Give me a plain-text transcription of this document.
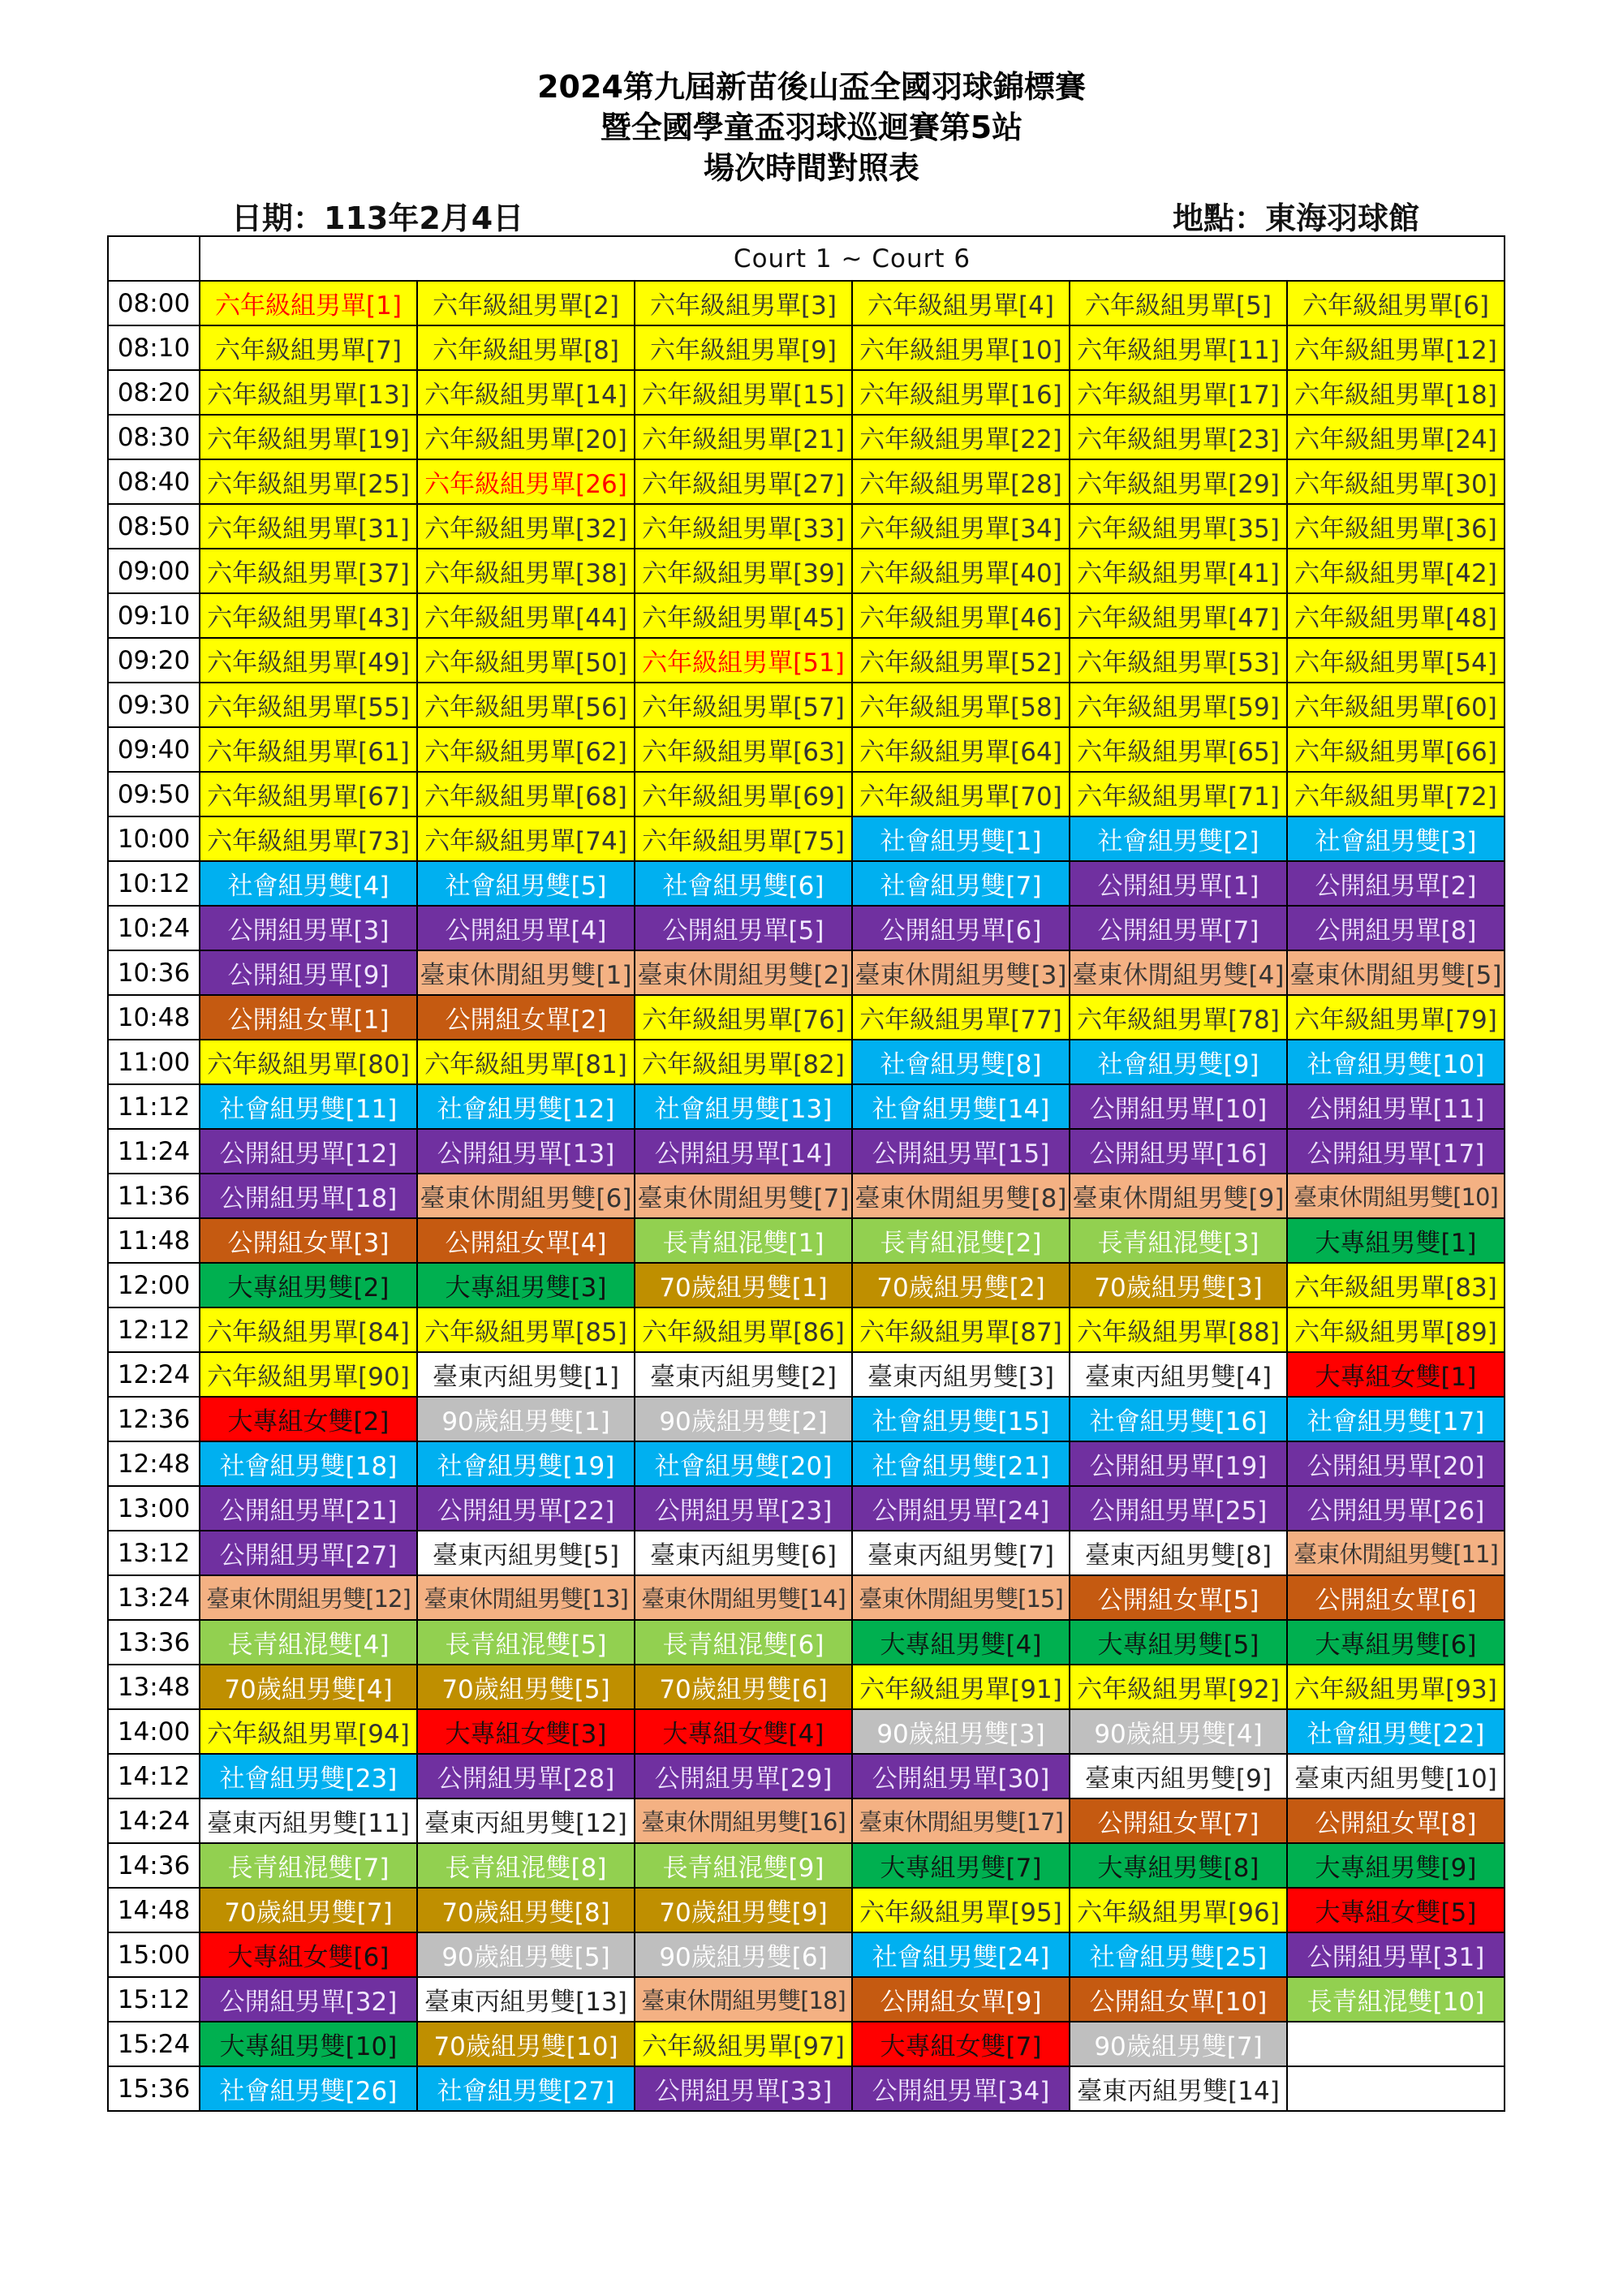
2024第九屆新苗後山盃全國羽球錦標賽
暨全國學童盃羽球巡迴賽第5站
場次時間對照表
日期：113年2月4日	地點：東海羽球館
	Court 1 ~ Court 6					
08:00	六年級組男單[1]	六年級組男單[2]	六年級組男單[3]	六年級組男單[4]	六年級組男單[5]	六年級組男單[6]
08:10	六年級組男單[7]	六年級組男單[8]	六年級組男單[9]	六年級組男單[10]	六年級組男單[11]	六年級組男單[12]
08:20	六年級組男單[13]	六年級組男單[14]	六年級組男單[15]	六年級組男單[16]	六年級組男單[17]	六年級組男單[18]
08:30	六年級組男單[19]	六年級組男單[20]	六年級組男單[21]	六年級組男單[22]	六年級組男單[23]	六年級組男單[24]
08:40	六年級組男單[25]	六年級組男單[26]	六年級組男單[27]	六年級組男單[28]	六年級組男單[29]	六年級組男單[30]
08:50	六年級組男單[31]	六年級組男單[32]	六年級組男單[33]	六年級組男單[34]	六年級組男單[35]	六年級組男單[36]
09:00	六年級組男單[37]	六年級組男單[38]	六年級組男單[39]	六年級組男單[40]	六年級組男單[41]	六年級組男單[42]
09:10	六年級組男單[43]	六年級組男單[44]	六年級組男單[45]	六年級組男單[46]	六年級組男單[47]	六年級組男單[48]
09:20	六年級組男單[49]	六年級組男單[50]	六年級組男單[51]	六年級組男單[52]	六年級組男單[53]	六年級組男單[54]
09:30	六年級組男單[55]	六年級組男單[56]	六年級組男單[57]	六年級組男單[58]	六年級組男單[59]	六年級組男單[60]
09:40	六年級組男單[61]	六年級組男單[62]	六年級組男單[63]	六年級組男單[64]	六年級組男單[65]	六年級組男單[66]
09:50	六年級組男單[67]	六年級組男單[68]	六年級組男單[69]	六年級組男單[70]	六年級組男單[71]	六年級組男單[72]
10:00	六年級組男單[73]	六年級組男單[74]	六年級組男單[75]	社會組男雙[1]	社會組男雙[2]	社會組男雙[3]
10:12	社會組男雙[4]	社會組男雙[5]	社會組男雙[6]	社會組男雙[7]	公開組男單[1]	公開組男單[2]
10:24	公開組男單[3]	公開組男單[4]	公開組男單[5]	公開組男單[6]	公開組男單[7]	公開組男單[8]
10:36	公開組男單[9]	臺東休閒組男雙[1]	臺東休閒組男雙[2]	臺東休閒組男雙[3]	臺東休閒組男雙[4]	臺東休閒組男雙[5]
10:48	公開組女單[1]	公開組女單[2]	六年級組男單[76]	六年級組男單[77]	六年級組男單[78]	六年級組男單[79]
11:00	六年級組男單[80]	六年級組男單[81]	六年級組男單[82]	社會組男雙[8]	社會組男雙[9]	社會組男雙[10]
11:12	社會組男雙[11]	社會組男雙[12]	社會組男雙[13]	社會組男雙[14]	公開組男單[10]	公開組男單[11]
11:24	公開組男單[12]	公開組男單[13]	公開組男單[14]	公開組男單[15]	公開組男單[16]	公開組男單[17]
11:36	公開組男單[18]	臺東休閒組男雙[6]	臺東休閒組男雙[7]	臺東休閒組男雙[8]	臺東休閒組男雙[9]	臺東休閒組男雙[10]
11:48	公開組女單[3]	公開組女單[4]	長青組混雙[1]	長青組混雙[2]	長青組混雙[3]	大專組男雙[1]
12:00	大專組男雙[2]	大專組男雙[3]	70歲組男雙[1]	70歲組男雙[2]	70歲組男雙[3]	六年級組男單[83]
12:12	六年級組男單[84]	六年級組男單[85]	六年級組男單[86]	六年級組男單[87]	六年級組男單[88]	六年級組男單[89]
12:24	六年級組男單[90]	臺東丙組男雙[1]	臺東丙組男雙[2]	臺東丙組男雙[3]	臺東丙組男雙[4]	大專組女雙[1]
12:36	大專組女雙[2]	90歲組男雙[1]	90歲組男雙[2]	社會組男雙[15]	社會組男雙[16]	社會組男雙[17]
12:48	社會組男雙[18]	社會組男雙[19]	社會組男雙[20]	社會組男雙[21]	公開組男單[19]	公開組男單[20]
13:00	公開組男單[21]	公開組男單[22]	公開組男單[23]	公開組男單[24]	公開組男單[25]	公開組男單[26]
13:12	公開組男單[27]	臺東丙組男雙[5]	臺東丙組男雙[6]	臺東丙組男雙[7]	臺東丙組男雙[8]	臺東休閒組男雙[11]
13:24	臺東休閒組男雙[12]	臺東休閒組男雙[13]	臺東休閒組男雙[14]	臺東休閒組男雙[15]	公開組女單[5]	公開組女單[6]
13:36	長青組混雙[4]	長青組混雙[5]	長青組混雙[6]	大專組男雙[4]	大專組男雙[5]	大專組男雙[6]
13:48	70歲組男雙[4]	70歲組男雙[5]	70歲組男雙[6]	六年級組男單[91]	六年級組男單[92]	六年級組男單[93]
14:00	六年級組男單[94]	大專組女雙[3]	大專組女雙[4]	90歲組男雙[3]	90歲組男雙[4]	社會組男雙[22]
14:12	社會組男雙[23]	公開組男單[28]	公開組男單[29]	公開組男單[30]	臺東丙組男雙[9]	臺東丙組男雙[10]
14:24	臺東丙組男雙[11]	臺東丙組男雙[12]	臺東休閒組男雙[16]	臺東休閒組男雙[17]	公開組女單[7]	公開組女單[8]
14:36	長青組混雙[7]	長青組混雙[8]	長青組混雙[9]	大專組男雙[7]	大專組男雙[8]	大專組男雙[9]
14:48	70歲組男雙[7]	70歲組男雙[8]	70歲組男雙[9]	六年級組男單[95]	六年級組男單[96]	大專組女雙[5]
15:00	大專組女雙[6]	90歲組男雙[5]	90歲組男雙[6]	社會組男雙[24]	社會組男雙[25]	公開組男單[31]
15:12	公開組男單[32]	臺東丙組男雙[13]	臺東休閒組男雙[18]	公開組女單[9]	公開組女單[10]	長青組混雙[10]
15:24	大專組男雙[10]	70歲組男雙[10]	六年級組男單[97]	大專組女雙[7]	90歲組男雙[7]	
15:36	社會組男雙[26]	社會組男雙[27]	公開組男單[33]	公開組男單[34]	臺東丙組男雙[14]	
